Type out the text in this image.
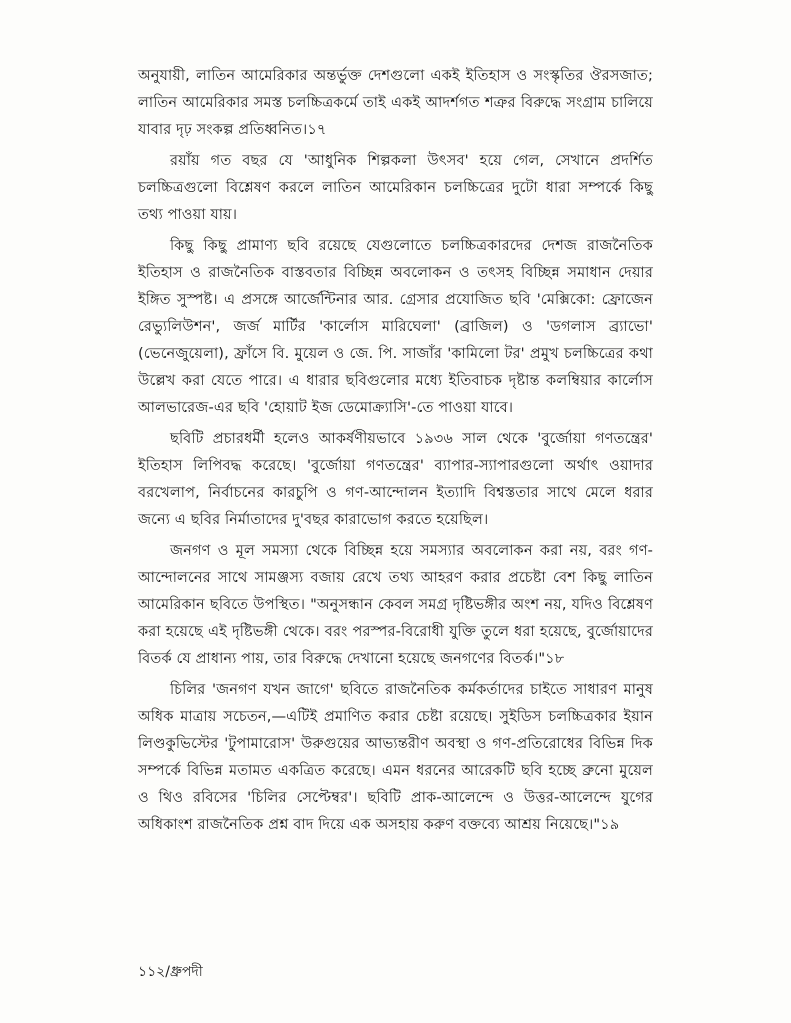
অনুযায়ী, লাতিন আমেরিকার অন্তর্ভুক্ত দেশগুলো একই ইতিহাস ও সংস্কৃতির ঔরসজাত; লাতিন আমেরিকার সমস্ত চলচ্চিত্রকর্মে তাই একই আদর্শগত শত্রুর বিরুদ্ধে সংগ্রাম চালিয়ে যাবার দৃঢ় সংকল্প প্রতিধ্বনিত।১৭

রয়াঁয় গত বছর যে 'আধুনিক শিল্পকলা উৎসব' হয়ে গেল, সেখানে প্রদর্শিত চলচ্চিত্রগুলো বিশ্লেষণ করলে লাতিন আমেরিকান চলচ্চিত্রের দুটো ধারা সম্পর্কে কিছু তথ্য পাওয়া যায়।

কিছু কিছু প্রামাণ্য ছবি রয়েছে যেগুলোতে চলচ্চিত্রকারদের দেশজ রাজনৈতিক ইতিহাস ও রাজনৈতিক বাস্তবতার বিচ্ছিন্ন অবলোকন ও তৎসহ বিচ্ছিন্ন সমাধান দেয়ার ইঙ্গিত সুস্পষ্ট। এ প্রসঙ্গে আর্জেন্টিনার আর. গ্রেসার প্রযোজিত ছবি 'মেক্সিকো: ফ্রোজেন রেভ্যুলিউশন', জর্জ মার্টির 'কার্লোস মারিঘেলা' (ব্রাজিল) ও 'ডগলাস ব্র্যাভো' (ভেনেজুয়েলা), ফ্রাঁসে বি. মুয়েল ও জে. পি. সাজাঁর 'কামিলো টর' প্রমুখ চলচ্চিত্রের কথা উল্লেখ করা যেতে পারে। এ ধারার ছবিগুলোর মধ্যে ইতিবাচক দৃষ্টান্ত কলম্বিয়ার কার্লোস আলভারেজ-এর ছবি 'হোয়াট ইজ ডেমোক্র্যাসি'-তে পাওয়া যাবে।

ছবিটি প্রচারধর্মী হলেও আকর্ষণীয়ভাবে ১৯৩৬ সাল থেকে 'বুর্জোয়া গণতন্ত্রের' ইতিহাস লিপিবদ্ধ করেছে। 'বুর্জোয়া গণতন্ত্রের' ব্যাপার-স্যাপারগুলো অর্থাৎ ওয়াদার বরখেলাপ, নির্বাচনের কারচুপি ও গণ-আন্দোলন ইত্যাদি বিশ্বস্ততার সাথে মেলে ধরার জন্যে এ ছবির নির্মাতাদের দু'বছর কারাভোগ করতে হয়েছিল।

জনগণ ও মূল সমস্যা থেকে বিচ্ছিন্ন হয়ে সমস্যার অবলোকন করা নয়, বরং গণ-আন্দোলনের সাথে সামঞ্জস্য বজায় রেখে তথ্য আহরণ করার প্রচেষ্টা বেশ কিছু লাতিন আমেরিকান ছবিতে উপস্থিত। "অনুসন্ধান কেবল সমগ্র দৃষ্টিভঙ্গীর অংশ নয়, যদিও বিশ্লেষণ করা হয়েছে এই দৃষ্টিভঙ্গী থেকে। বরং পরস্পর-বিরোধী যুক্তি তুলে ধরা হয়েছে, বুর্জোয়াদের বিতর্ক যে প্রাধান্য পায়, তার বিরুদ্ধে দেখানো হয়েছে জনগণের বিতর্ক।"১৮

চিলির 'জনগণ যখন জাগে' ছবিতে রাজনৈতিক কর্মকর্তাদের চাইতে সাধারণ মানুষ অধিক মাত্রায় সচেতন,—এটিই প্রমাণিত করার চেষ্টা রয়েছে। সুইডিস চলচ্চিত্রকার ইয়ান লিণ্ডকুভিস্টের 'টুপামারোস' উরুগুয়ের আভ্যন্তরীণ অবস্থা ও গণ-প্রতিরোধের বিভিন্ন দিক সম্পর্কে বিভিন্ন মতামত একত্রিত করেছে। এমন ধরনের আরেকটি ছবি হচ্ছে ব্রুনো মুয়েল ও থিও রবিসের 'চিলির সেপ্টেম্বর'। ছবিটি প্রাক-আলেন্দে ও উত্তর-আলেন্দে যুগের অধিকাংশ রাজনৈতিক প্রশ্ন বাদ দিয়ে এক অসহায় করুণ বক্তব্যে আশ্রয় নিয়েছে।"১৯

১১২/ধ্রুপদী
